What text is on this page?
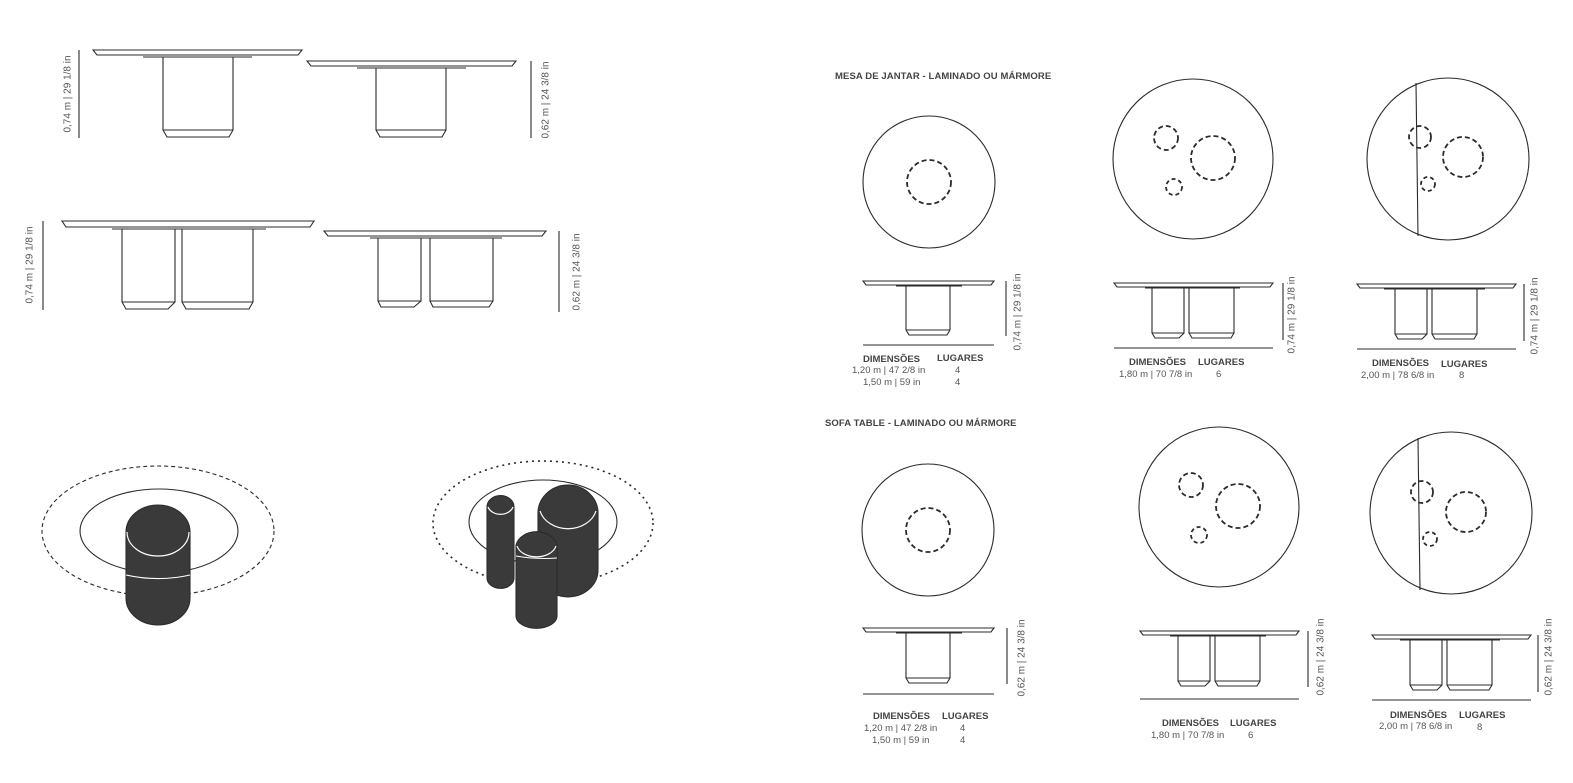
0,74 m | 29 1/8 in	0,62 m | 24 3/8 in
0,74 m | 29 1/8 in	0,62 m | 24 3/8 in
MESA DE JANTAR - LAMINADO OU MÁRMORE
SOFA TABLE - LAMINADO OU MÁRMORE
0,74 m | 29 1/8 in	0,74 m | 29 1/8 in	0,74 m | 29 1/8 in
0,62 m | 24 3/8 in	0,62 m | 24 3/8 in	0,62 m | 24 3/8 in
DIMENSÕES LUGARES
1,20 m | 47 2/8 in	4
1,50 m | 59 in	4
DIMENSÕES LUGARES
1,80 m | 70 7/8 in	6
DIMENSÕES LUGARES
2,00 m | 78 6/8 in	8
DIMENSÕES LUGARES
1,20 m | 47 2/8 in 4
1,50 m | 59 in	4
DIMENSÕES LUGARES
1,80 m | 70 7/8 in	6
DIMENSÕES LUGARES
2,00 m | 78 6/8 in	8
